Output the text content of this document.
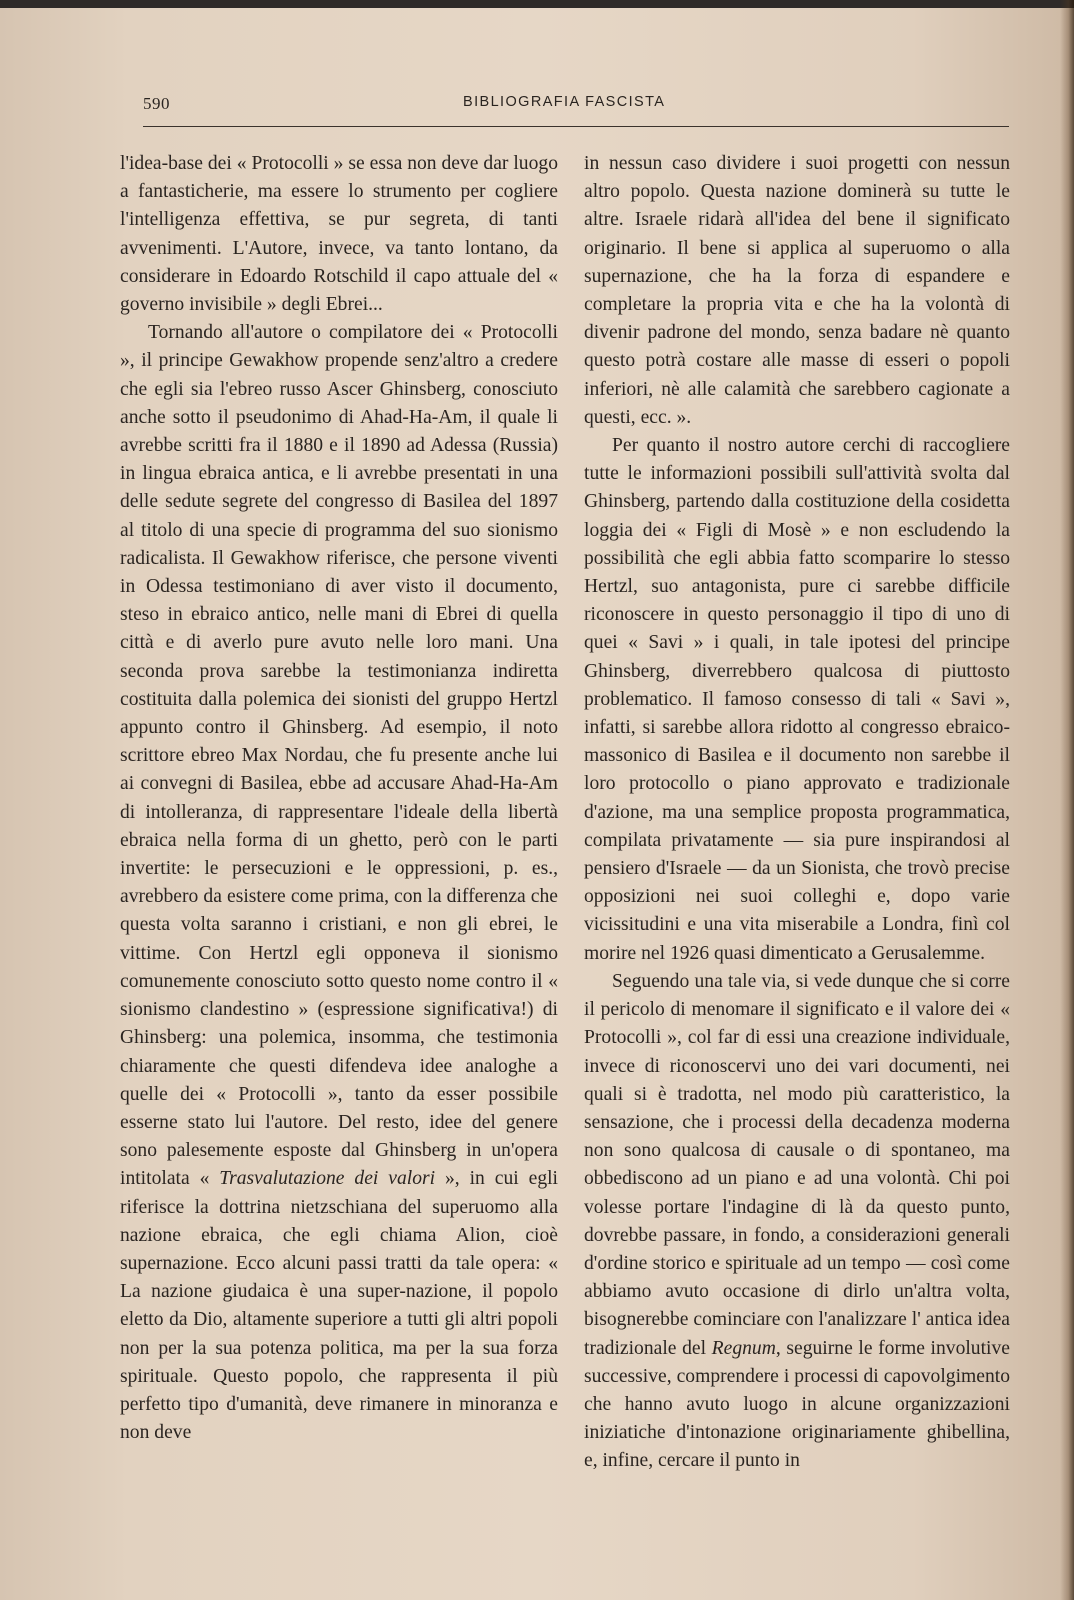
590	BIBLIOGRAFIA FASCISTA

l'idea-base dei « Protocolli » se essa non deve dar luogo a fantasticherie, ma essere lo strumento per cogliere l'intelligenza effettiva, se pur segreta, di tanti avvenimenti. L'Autore, invece, va tanto lontano, da considerare in Edoardo Rotschild il capo attuale del « governo invisibile » degli Ebrei...

Tornando all'autore o compilatore dei « Protocolli », il principe Gewakhow propende senz'altro a credere che egli sia l'ebreo russo Ascer Ghinsberg, conosciuto anche sotto il pseudonimo di Ahad-Ha-Am, il quale li avrebbe scritti fra il 1880 e il 1890 ad Adessa (Russia) in lingua ebraica antica, e li avrebbe presentati in una delle sedute segrete del congresso di Basilea del 1897 al titolo di una specie di programma del suo sionismo radicalista. Il Gewakhow riferisce, che persone viventi in Odessa testimoniano di aver visto il documento, steso in ebraico antico, nelle mani di Ebrei di quella città e di averlo pure avuto nelle loro mani. Una seconda prova sarebbe la testimonianza indiretta costituita dalla polemica dei sionisti del gruppo Hertzl appunto contro il Ghinsberg. Ad esempio, il noto scrittore ebreo Max Nordau, che fu presente anche lui ai convegni di Basilea, ebbe ad accusare Ahad-Ha-Am di intolleranza, di rappresentare l'ideale della libertà ebraica nella forma di un ghetto, però con le parti invertite: le persecuzioni e le oppressioni, p. es., avrebbero da esistere come prima, con la differenza che questa volta saranno i cristiani, e non gli ebrei, le vittime. Con Hertzl egli opponeva il sionismo comunemente conosciuto sotto questo nome contro il « sionismo clandestino » (espressione significativa!) di Ghinsberg: una polemica, insomma, che testimonia chiaramente che questi difendeva idee analoghe a quelle dei « Protocolli », tanto da esser possibile esserne stato lui l'autore. Del resto, idee del genere sono palesemente esposte dal Ghinsberg in un'opera intitolata « Trasvalutazione dei valori », in cui egli riferisce la dottrina nietzschiana del superuomo alla nazione ebraica, che egli chiama Alion, cioè supernazione. Ecco alcuni passi tratti da tale opera: « La nazione giudaica è una super-nazione, il popolo eletto da Dio, altamente superiore a tutti gli altri popoli non per la sua potenza politica, ma per la sua forza spirituale. Questo popolo, che rappresenta il più perfetto tipo d'umanità, deve rimanere in minoranza e non deve

in nessun caso dividere i suoi progetti con nessun altro popolo. Questa nazione dominerà su tutte le altre. Israele ridarà all'idea del bene il significato originario. Il bene si applica al superuomo o alla supernazione, che ha la forza di espandere e completare la propria vita e che ha la volontà di divenir padrone del mondo, senza badare nè quanto questo potrà costare alle masse di esseri o popoli inferiori, nè alle calamità che sarebbero cagionate a questi, ecc. ».

Per quanto il nostro autore cerchi di raccogliere tutte le informazioni possibili sull'attività svolta dal Ghinsberg, partendo dalla costituzione della cosidetta loggia dei « Figli di Mosè » e non escludendo la possibilità che egli abbia fatto scomparire lo stesso Hertzl, suo antagonista, pure ci sarebbe difficile riconoscere in questo personaggio il tipo di uno di quei « Savi » i quali, in tale ipotesi del principe Ghinsberg, diverrebbero qualcosa di piuttosto problematico. Il famoso consesso di tali « Savi », infatti, si sarebbe allora ridotto al congresso ebraico-massonico di Basilea e il documento non sarebbe il loro protocollo o piano approvato e tradizionale d'azione, ma una semplice proposta programmatica, compilata privatamente — sia pure inspirandosi al pensiero d'Israele — da un Sionista, che trovò precise opposizioni nei suoi colleghi e, dopo varie vicissitudini e una vita miserabile a Londra, finì col morire nel 1926 quasi dimenticato a Gerusalemme.

Seguendo una tale via, si vede dunque che si corre il pericolo di menomare il significato e il valore dei « Protocolli », col far di essi una creazione individuale, invece di riconoscervi uno dei vari documenti, nei quali si è tradotta, nel modo più caratteristico, la sensazione, che i processi della decadenza moderna non sono qualcosa di causale o di spontaneo, ma obbediscono ad un piano e ad una volontà. Chi poi volesse portare l'indagine di là da questo punto, dovrebbe passare, in fondo, a considerazioni generali d'ordine storico e spirituale ad un tempo — così come abbiamo avuto occasione di dirlo un'altra volta, bisognerebbe cominciare con l'analizzare l' antica idea tradizionale del Regnum, seguirne le forme involutive successive, comprendere i processi di capovolgimento che hanno avuto luogo in alcune organizzazioni iniziatiche d'intonazione originariamente ghibellina, e, infine, cercare il punto in
